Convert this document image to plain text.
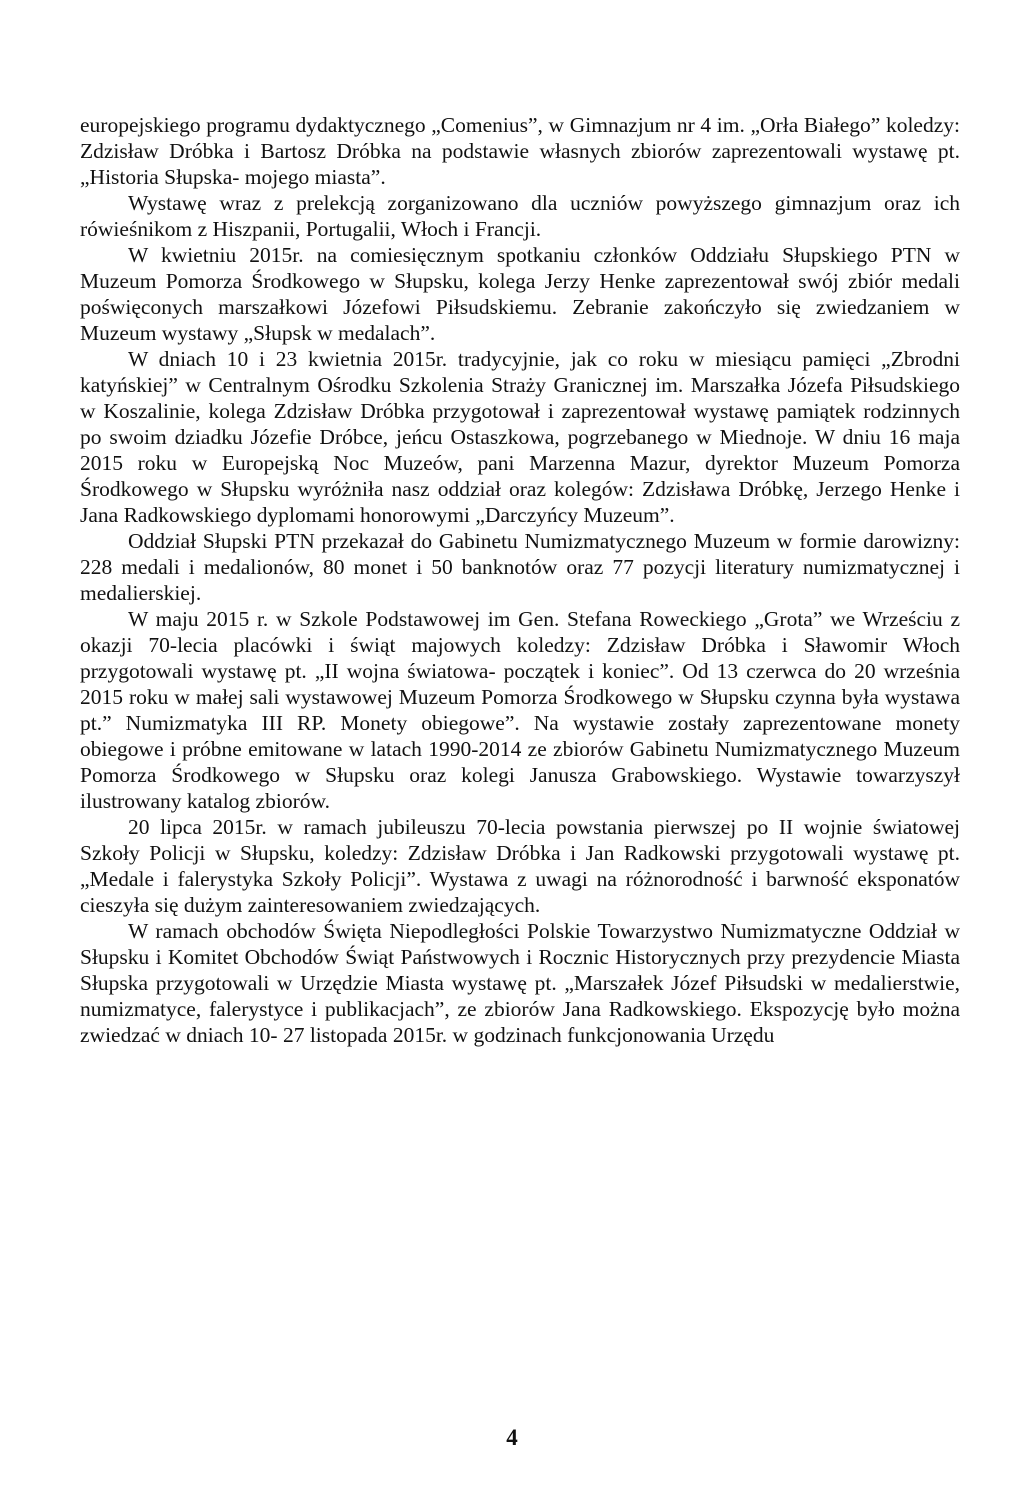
europejskiego programu dydaktycznego „Comenius”, w Gimnazjum nr 4 im. „Orła Białego” koledzy: Zdzisław Dróbka i Bartosz Dróbka na podstawie własnych zbiorów zaprezentowali wystawę pt. „Historia Słupska- mojego miasta”.

Wystawę wraz z prelekcją zorganizowano dla uczniów powyższego gimnazjum oraz ich rówieśnikom z Hiszpanii, Portugalii, Włoch i Francji.

W kwietniu 2015r. na comiesięcznym spotkaniu członków Oddziału Słupskiego PTN w Muzeum Pomorza Środkowego w Słupsku, kolega Jerzy Henke zaprezentował swój zbiór medali poświęconych marszałkowi Józefowi Piłsudskiemu. Zebranie zakończyło się zwiedzaniem w Muzeum wystawy „Słupsk w medalach”.

W dniach 10 i 23 kwietnia 2015r. tradycyjnie, jak co roku w miesiącu pamięci „Zbrodni katyńskiej” w Centralnym Ośrodku Szkolenia Straży Granicznej im. Marszałka Józefa Piłsudskiego w Koszalinie, kolega Zdzisław Dróbka przygotował i zaprezentował wystawę pamiątek rodzinnych po swoim dziadku Józefie Dróbce, jeńcu Ostaszkowa, pogrzebanego w Miednoje. W dniu 16 maja 2015 roku w Europejską Noc Muzeów, pani Marzenna Mazur, dyrektor Muzeum Pomorza Środkowego w Słupsku wyróżniła nasz oddział oraz kolegów: Zdzisława Dróbkę, Jerzego Henke i Jana Radkowskiego dyplomami honorowymi „Darczyńcy Muzeum”.

Oddział Słupski PTN przekazał do Gabinetu Numizmatycznego Muzeum w formie darowizny: 228 medali i medalionów, 80 monet i 50 banknotów oraz 77 pozycji literatury numizmatycznej i medalierskiej.

W maju 2015 r. w Szkole Podstawowej im Gen. Stefana Roweckiego „Grota” we Wrześciu z okazji 70-lecia placówki i świąt majowych koledzy: Zdzisław Dróbka i Sławomir Włoch przygotowali wystawę pt. „II wojna światowa- początek i koniec”. Od 13 czerwca do 20 września 2015 roku w małej sali wystawowej Muzeum Pomorza Środkowego w Słupsku czynna była wystawa pt.” Numizmatyka III RP. Monety obiegowe”. Na wystawie zostały zaprezentowane monety obiegowe i próbne emitowane w latach 1990-2014 ze zbiorów Gabinetu Numizmatycznego Muzeum Pomorza Środkowego w Słupsku oraz kolegi Janusza Grabowskiego. Wystawie towarzyszył ilustrowany katalog zbiorów.

20 lipca 2015r. w ramach jubileuszu 70-lecia powstania pierwszej po II wojnie światowej Szkoły Policji w Słupsku, koledzy: Zdzisław Dróbka i Jan Radkowski przygotowali wystawę pt. „Medale i falerystyka Szkoły Policji”. Wystawa z uwagi na różnorodność i barwność eksponatów cieszyła się dużym zainteresowaniem zwiedzających.

W ramach obchodów Święta Niepodległości Polskie Towarzystwo Numizmatyczne Oddział w Słupsku i Komitet Obchodów Świąt Państwowych i Rocznic Historycznych przy prezydencie Miasta Słupska przygotowali w Urzędzie Miasta wystawę pt. „Marszałek Józef Piłsudski w medalierstwie, numizmatyce, falerystyce i publikacjach”, ze zbiorów Jana Radkowskiego. Ekspozycję było można zwiedzać w dniach 10- 27 listopada 2015r. w godzinach funkcjonowania Urzędu

4
